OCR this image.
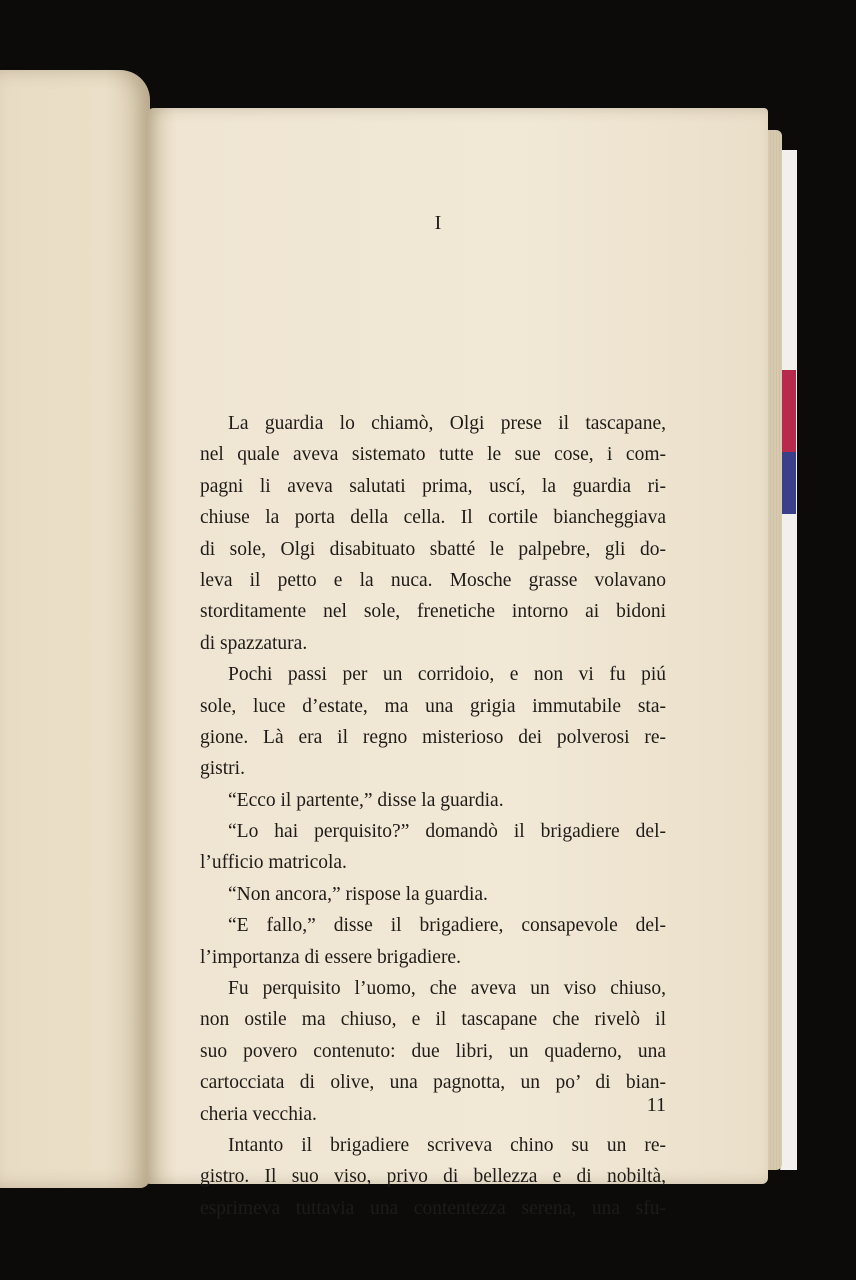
I
La guardia lo chiamò, Olgi prese il tascapane,
nel quale aveva sistemato tutte le sue cose, i com-
pagni li aveva salutati prima, uscí, la guardia ri-
chiuse la porta della cella. Il cortile biancheggiava
di sole, Olgi disabituato sbatté le palpebre, gli do-
leva il petto e la nuca. Mosche grasse volavano
storditamente nel sole, frenetiche intorno ai bidoni
di spazzatura.
Pochi passi per un corridoio, e non vi fu piú
sole, luce d’estate, ma una grigia immutabile sta-
gione. Là era il regno misterioso dei polverosi re-
gistri.
“Ecco il partente,” disse la guardia.
“Lo hai perquisito?” domandò il brigadiere del-
l’ufficio matricola.
“Non ancora,” rispose la guardia.
“E fallo,” disse il brigadiere, consapevole del-
l’importanza di essere brigadiere.
Fu perquisito l’uomo, che aveva un viso chiuso,
non ostile ma chiuso, e il tascapane che rivelò il
suo povero contenuto: due libri, un quaderno, una
cartocciata di olive, una pagnotta, un po’ di bian-
cheria vecchia.
Intanto il brigadiere scriveva chino su un re-
gistro. Il suo viso, privo di bellezza e di nobiltà,
esprimeva tuttavia una contentezza serena, una sfu-
11
